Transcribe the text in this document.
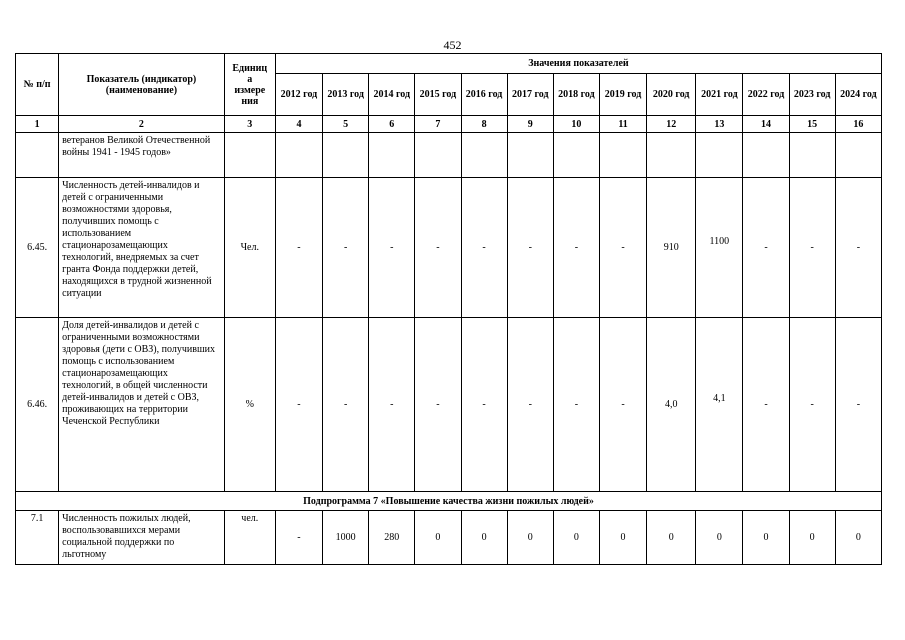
452
№ п/п	Показатель (индикатор) (наименование)	Единиц
а
измере
ния	Значения показателей												
			2012 год	2013 год	2014 год	2015 год	2016 год	2017 год	2018 год	2019 год	2020 год	2021 год	2022 год	2023 год	2024 год
1	2	3	4	5	6	7	8	9	10	11	12	13	14	15	16
	ветеранов Великой Отечественной войны 1941 - 1945 годов»														
6.45.	Численность детей-инвалидов и детей с ограниченными возможностями здоровья, получивших помощь с использованием стационарозамещающих технологий, внедряемых за счет гранта Фонда поддержки детей, находящихся в трудной жизненной ситуации	Чел.	-	-	-	-	-	-	-	-	910	1100	-	-	-
6.46.	Доля детей-инвалидов и детей с ограниченными возможностями здоровья (дети с ОВЗ), получивших помощь с использованием стационарозамещающих технологий, в общей численности детей-инвалидов и детей с ОВЗ, проживающих на территории Чеченской Республики	%	-	-	-	-	-	-	-	-	4,0	4,1	-	-	-
Подпрограмма 7 «Повышение качества жизни пожилых людей»															
7.1	Численность пожилых людей, воспользовавшихся мерами социальной поддержки по льготному	чел.	-	1000	280	0	0	0	0	0	0	0	0	0	0
